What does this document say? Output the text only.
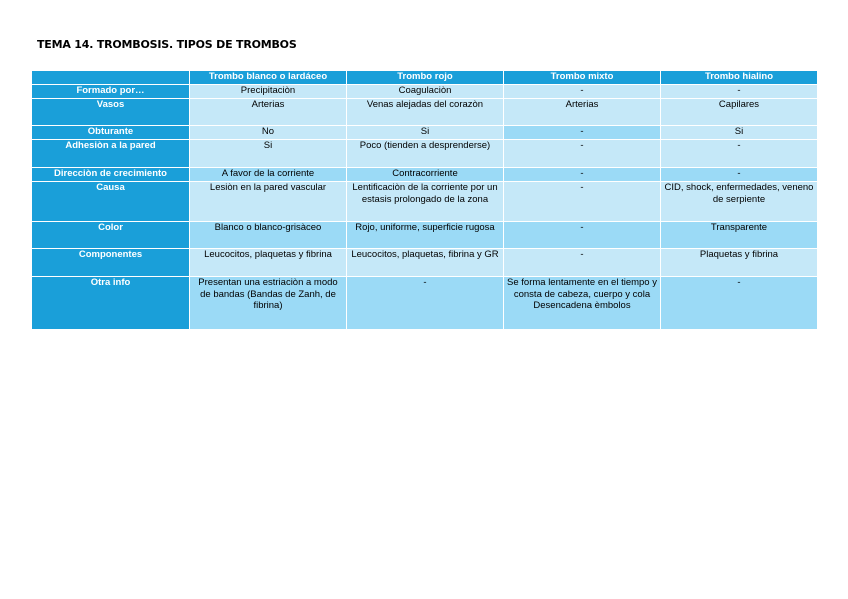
TEMA 14. TROMBOSIS. TIPOS DE TROMBOS
	Trombo blanco o lardáceo	Trombo rojo	Trombo mixto	Trombo hialino
Formado por…	Precipitaciòn	Coagulaciòn	-	-
Vasos	Arterias	Venas alejadas del corazòn	Arterias	Capilares
Obturante	No	Si	-	Si
Adhesiòn a la pared	Si	Poco (tienden a desprenderse)	-	-
Direcciòn de crecimiento	A favor de la corriente	Contracorriente	-	-
Causa	Lesiòn en la pared vascular	Lentificaciòn de la corriente por un estasis prolongado de la zona	-	CID, shock, enfermedades, veneno de serpiente
Color	Blanco o blanco-grisàceo	Rojo, uniforme, superficie rugosa	-	Transparente
Componentes	Leucocitos, plaquetas y fibrina	Leucocitos, plaquetas, fibrina y GR	-	Plaquetas y fibrina
Otra info	Presentan una estriaciòn a modo de bandas (Bandas de Zanh, de fibrina)	-	Se forma lentamente en el tiempo y consta de cabeza, cuerpo y cola Desencadena èmbolos	-
